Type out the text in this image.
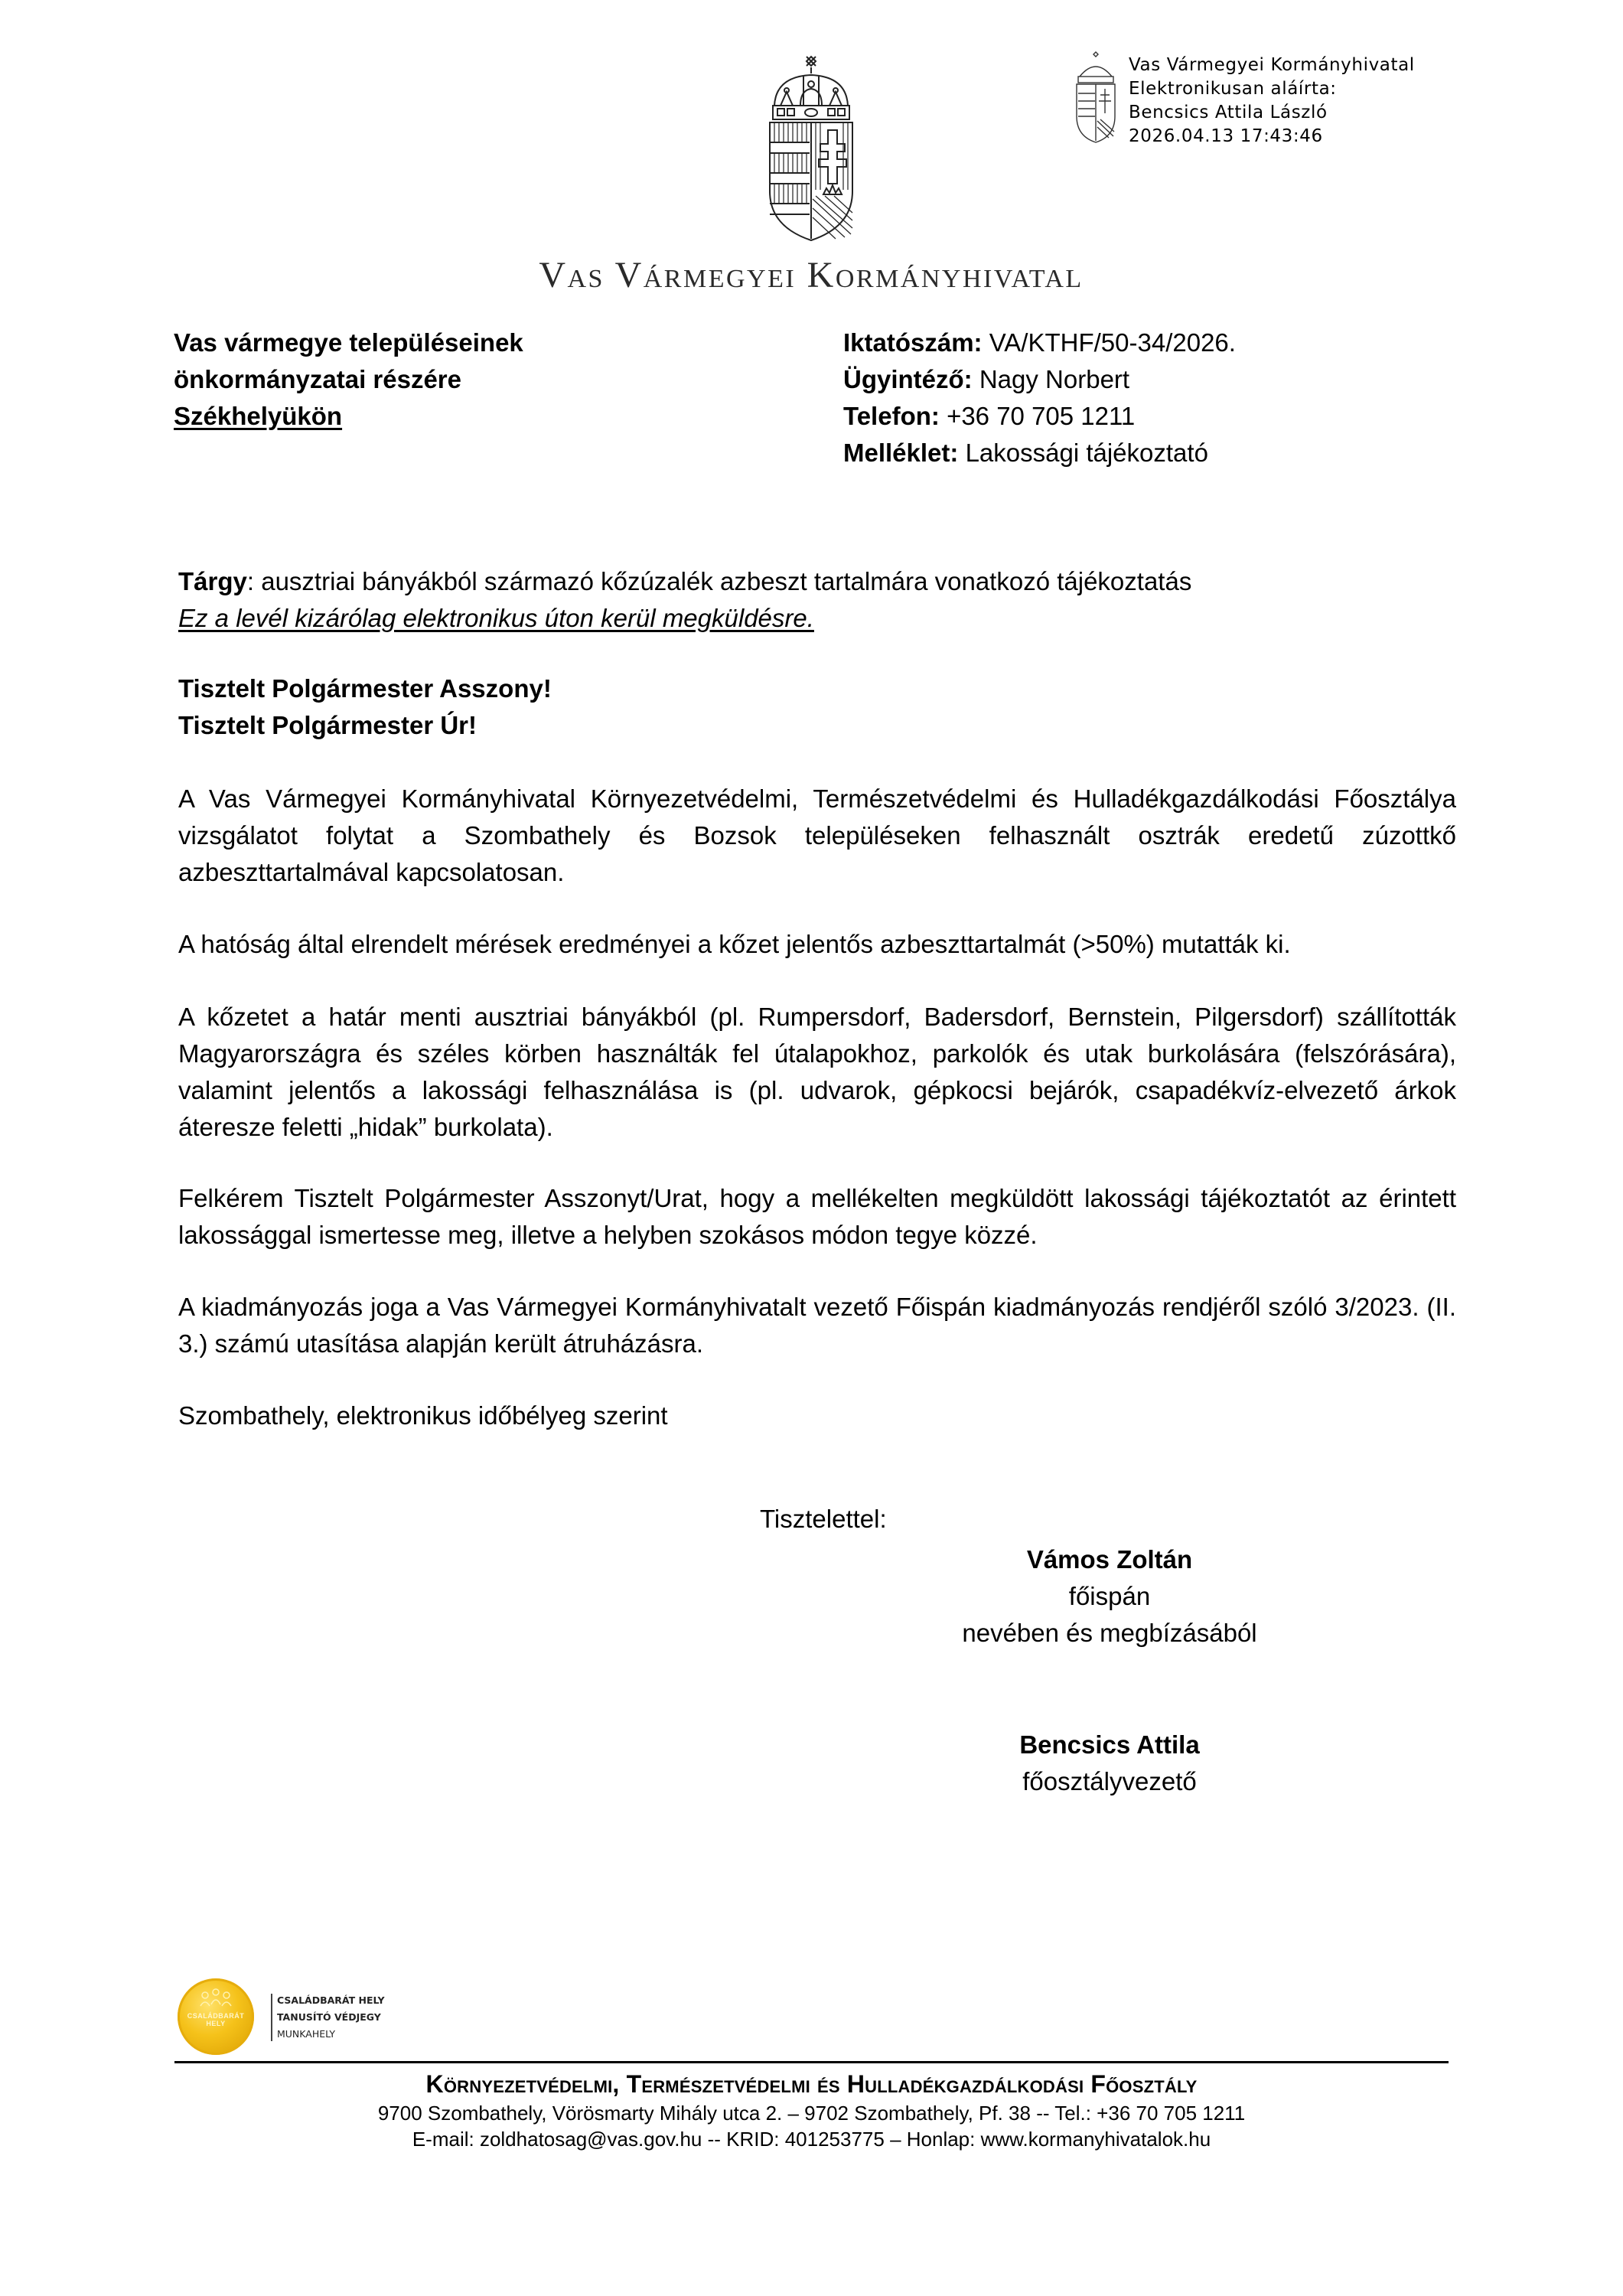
Vas Vármegyei Kormányhivatal
Elektronikusan aláírta:
Bencsics Attila László
2026.04.13 17:43:46
Vas Vármegyei Kormányhivatal
Vas vármegye településeinek
önkormányzatai részére
Székhelyükön
Iktatószám: VA/KTHF/50-34/2026.
Ügyintéző: Nagy Norbert
Telefon: +36 70 705 1211
Melléklet: Lakossági tájékoztató
Tárgy: ausztriai bányákból származó kőzúzalék azbeszt tartalmára vonatkozó tájékoztatás
Ez a levél kizárólag elektronikus úton kerül megküldésre.
Tisztelt Polgármester Asszony!
Tisztelt Polgármester Úr!

A Vas Vármegyei Kormányhivatal Környezetvédelmi, Természetvédelmi és Hulladékgazdálkodási Főosztálya vizsgálatot folytat a Szombathely és Bozsok településeken felhasznált osztrák eredetű zúzottkő azbeszttartalmával kapcsolatosan.

A hatóság által elrendelt mérések eredményei a kőzet jelentős azbeszttartalmát (>50%) mutatták ki.

A kőzetet a határ menti ausztriai bányákból (pl. Rumpersdorf, Badersdorf, Bernstein, Pilgersdorf) szállították Magyarországra és széles körben használták fel útalapokhoz, parkolók és utak burkolására (felszórására), valamint jelentős a lakossági felhasználása is (pl. udvarok, gépkocsi bejárók, csapadékvíz-elvezető árkok áteresze feletti „hidak” burkolata).

Felkérem Tisztelt Polgármester Asszonyt/Urat, hogy a mellékelten megküldött lakossági tájékoztatót az érintett lakossággal ismertesse meg, illetve a helyben szokásos módon tegye közzé.

A kiadmányozás joga a Vas Vármegyei Kormányhivatalt vezető Főispán kiadmányozás rendjéről szóló 3/2023. (II. 3.) számú utasítása alapján került átruházásra.

Szombathely, elektronikus időbélyeg szerint
Tisztelettel:
Vámos Zoltán
főispán
nevében és megbízásából
Bencsics Attila
főosztályvezető
CSALÁDBARÁT HELY
CSALÁDBARÁT HELY
TANUSÍTÓ VÉDJEGY
MUNKAHELY
Környezetvédelmi, Természetvédelmi és Hulladékgazdálkodási Főosztály
9700 Szombathely, Vörösmarty Mihály utca 2. – 9702 Szombathely, Pf. 38 -- Tel.: +36 70 705 1211
E-mail: zoldhatosag@vas.gov.hu -- KRID: 401253775 – Honlap: www.kormanyhivatalok.hu
